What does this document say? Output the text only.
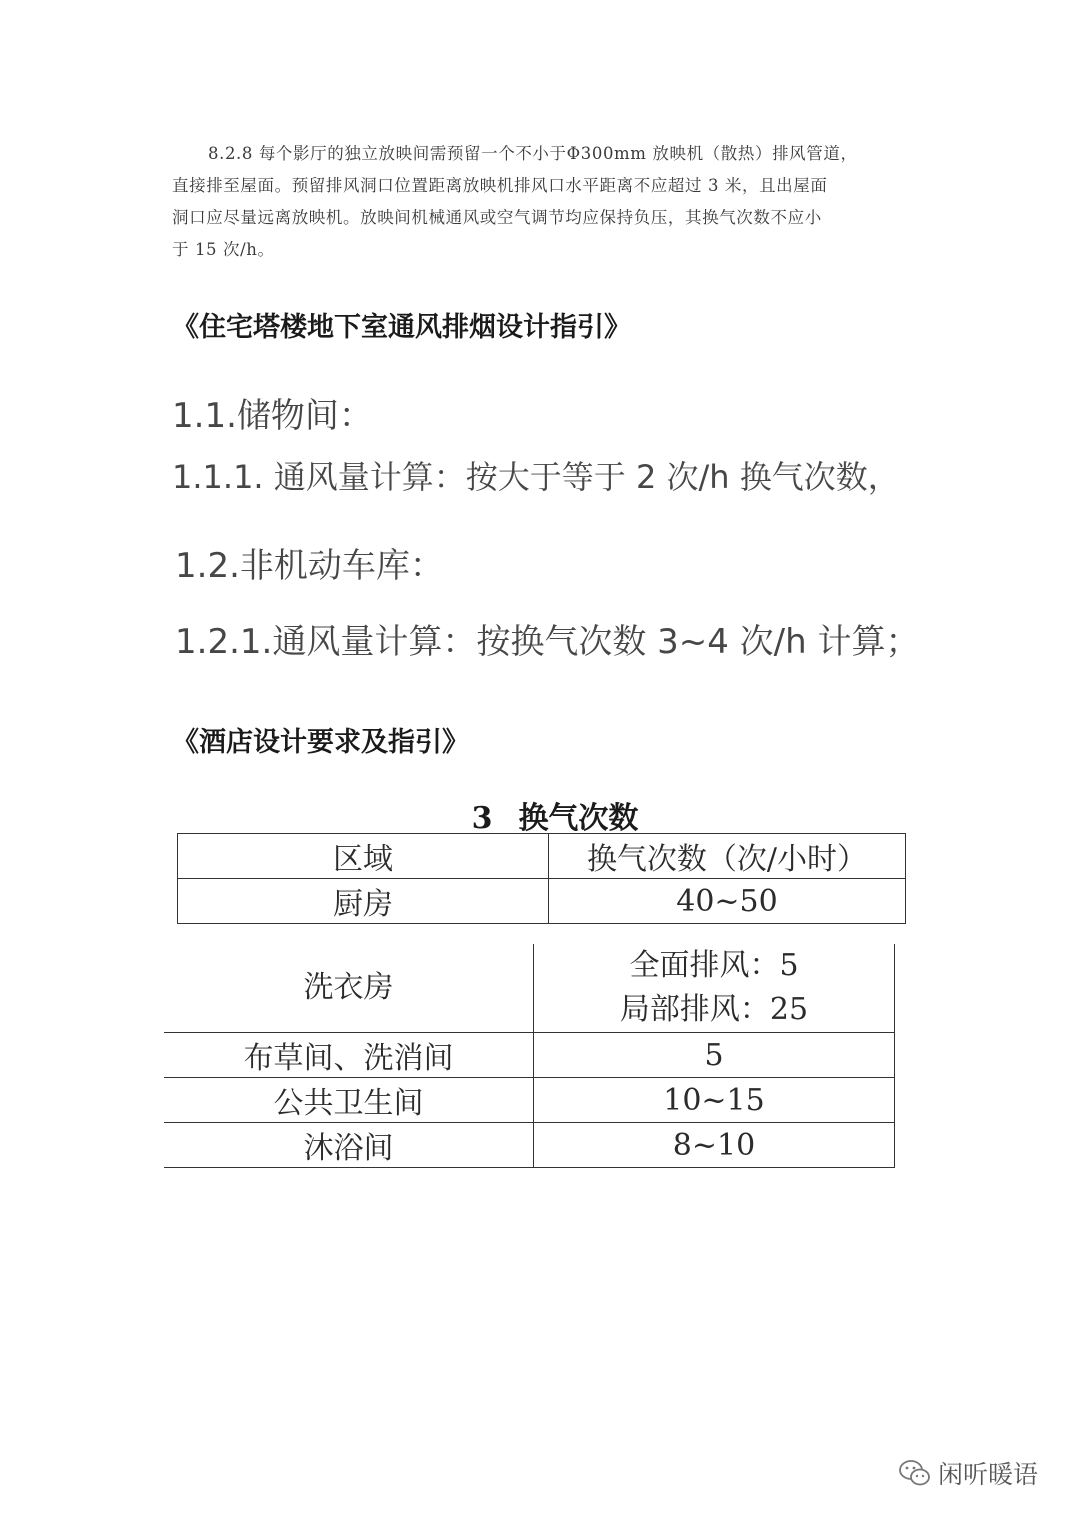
8.2.8 每个影厅的独立放映间需预留一个不小于Φ300mm 放映机（散热）排风管道，
直接排至屋面。预留排风洞口位置距离放映机排风口水平距离不应超过 3 米，且出屋面
洞口应尽量远离放映机。放映间机械通风或空气调节均应保持负压，其换气次数不应小
于 15 次/h。
《住宅塔楼地下室通风排烟设计指引》
1.1.储物间：
1.1.1. 通风量计算：按大于等于 2 次/h 换气次数，
1.2.非机动车库：
1.2.1.通风量计算：按换气次数 3~4 次/h 计算；
《酒店设计要求及指引》
3 换气次数
区域	换气次数（次/小时）
厨房	40~50
洗衣房	全面排风：5
局部排风：25

布草间、洗消间	5
公共卫生间	10~15
沐浴间	8~10
闲听暖语
